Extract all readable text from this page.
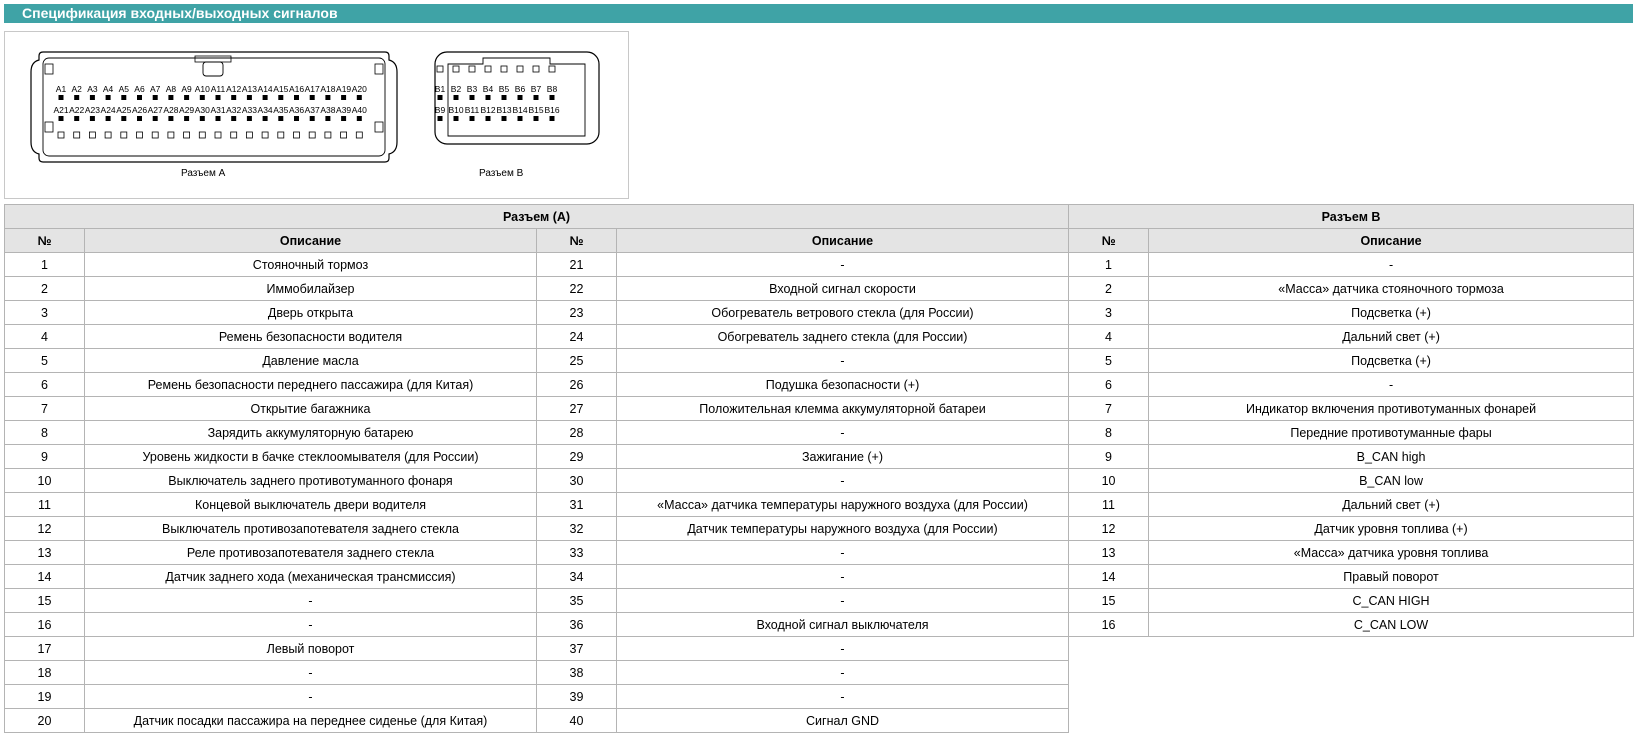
Спецификация входных/выходных сигналов
A1 A2 A3 A4 A5 A6 A7 A8 A9 A10 A11 A12 A13 A14 A15 A16 A17 A18 A19 A20
A21 A22 A23 A24 A25 A26 A27 A28 A29 A30 A31 A32 A33 A34 A35 A36 A37 A38 A39 A40
B1 B2 B3 B4 B5 B6 B7 B8
B9 B10 B11 B12 B13 B14 B15 B16
Разъем A	Разъем B
Разъем (A)				Разъем B	
№	Описание	№	Описание	№	Описание
1	Стояночный тормоз	21	-	1	-
2	Иммобилайзер	22	Входной сигнал скорости	2	«Масса» датчика стояночного тормоза
3	Дверь открыта	23	Обогреватель ветрового стекла (для России)	3	Подсветка (+)
4	Ремень безопасности водителя	24	Обогреватель заднего стекла (для России)	4	Дальний свет (+)
5	Давление масла	25	-	5	Подсветка (+)
6	Ремень безопасности переднего пассажира (для Китая)	26	Подушка безопасности (+)	6	-
7	Открытие багажника	27	Положительная клемма аккумуляторной батареи	7	Индикатор включения противотуманных фонарей
8	Зарядить аккумуляторную батарею	28	-	8	Передние противотуманные фары
9	Уровень жидкости в бачке стеклоомывателя (для России)	29	Зажигание (+)	9	B_CAN high
10	Выключатель заднего противотуманного фонаря	30	-	10	B_CAN low
11	Концевой выключатель двери водителя	31	«Масса» датчика температуры наружного воздуха (для России)	11	Дальний свет (+)
12	Выключатель противозапотевателя заднего стекла	32	Датчик температуры наружного воздуха (для России)	12	Датчик уровня топлива (+)
13	Реле противозапотевателя заднего стекла	33	-	13	«Масса» датчика уровня топлива
14	Датчик заднего хода (механическая трансмиссия)	34	-	14	Правый поворот
15	-	35	-	15	C_CAN HIGH
16	-	36	Входной сигнал выключателя	16	C_CAN LOW
17	Левый поворот	37	-		
18	-	38	-		
19	-	39	-		
20	Датчик посадки пассажира на переднее сиденье (для Китая)	40	Сигнал GND		
